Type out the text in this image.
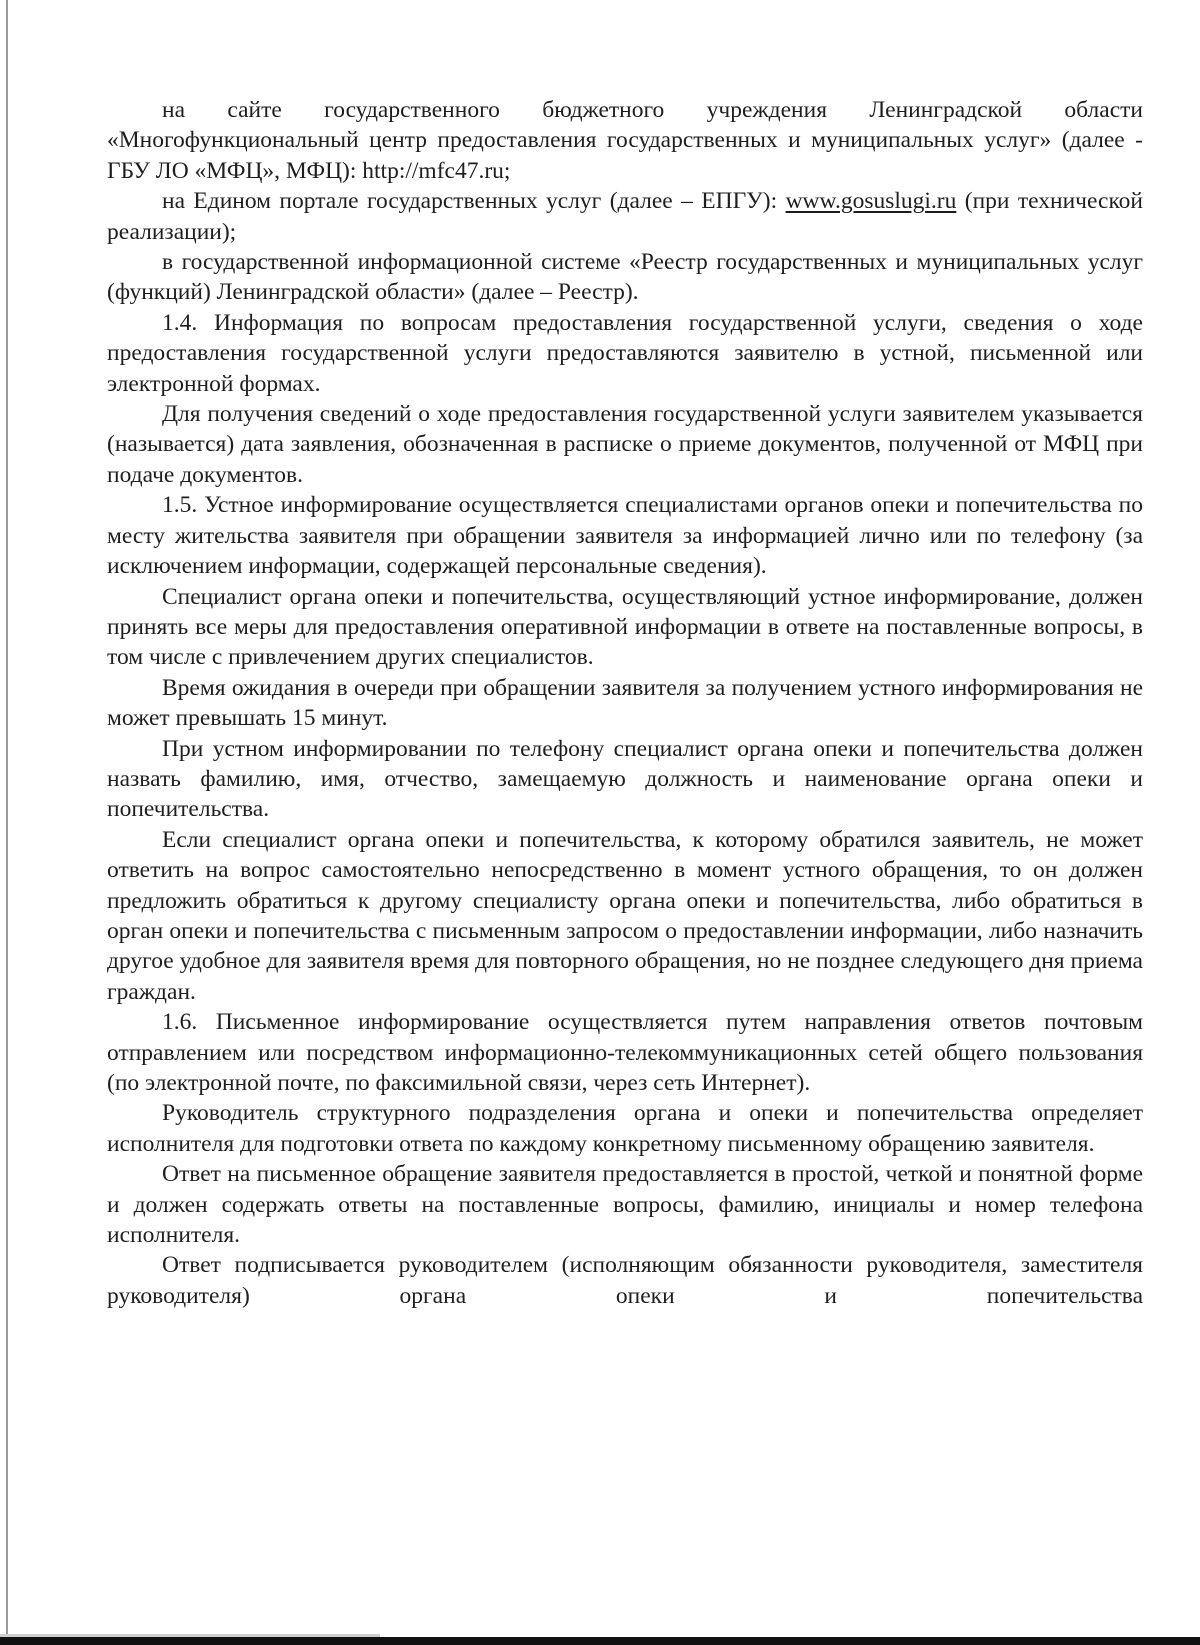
на сайте государственного бюджетного учреждения Ленинградской области «Многофункциональный центр предоставления государственных и муниципальных услуг» (далее - ГБУ ЛО «МФЦ», МФЦ): http://mfc47.ru;

на Едином портале государственных услуг (далее – ЕПГУ): www.gosuslugi.ru (при технической реализации);

в государственной информационной системе «Реестр государственных и муниципальных услуг (функций) Ленинградской области» (далее – Реестр).

1.4. Информация по вопросам предоставления государственной услуги, сведения о ходе предоставления государственной услуги предоставляются заявителю в устной, письменной или электронной формах.

Для получения сведений о ходе предоставления государственной услуги заявителем указывается (называется) дата заявления, обозначенная в расписке о приеме документов, полученной от МФЦ при подаче документов.

1.5. Устное информирование осуществляется специалистами органов опеки и попечительства по месту жительства заявителя при обращении заявителя за информацией лично или по телефону (за исключением информации, содержащей персональные сведения).

Специалист органа опеки и попечительства, осуществляющий устное информирование, должен принять все меры для предоставления оперативной информации в ответе на поставленные вопросы, в том числе с привлечением других специалистов.

Время ожидания в очереди при обращении заявителя за получением устного информирования не может превышать 15 минут.

При устном информировании по телефону специалист органа опеки и попечительства должен назвать фамилию, имя, отчество, замещаемую должность и наименование органа опеки и попечительства.

Если специалист органа опеки и попечительства, к которому обратился заявитель, не может ответить на вопрос самостоятельно непосредственно в момент устного обращения, то он должен предложить обратиться к другому специалисту органа опеки и попечительства, либо обратиться в орган опеки и попечительства с письменным запросом о предоставлении информации, либо назначить другое удобное для заявителя время для повторного обращения, но не позднее следующего дня приема граждан.

1.6. Письменное информирование осуществляется путем направления ответов почтовым отправлением или посредством информационно-телекоммуникационных сетей общего пользования (по электронной почте, по факсимильной связи, через сеть Интернет).

Руководитель структурного подразделения органа и опеки и попечительства определяет исполнителя для подготовки ответа по каждому конкретному письменному обращению заявителя.

Ответ на письменное обращение заявителя предоставляется в простой, четкой и понятной форме и должен содержать ответы на поставленные вопросы, фамилию, инициалы и номер телефона исполнителя.

Ответ подписывается руководителем (исполняющим обязанности руководителя, заместителя руководителя) органа опеки и попечительства
